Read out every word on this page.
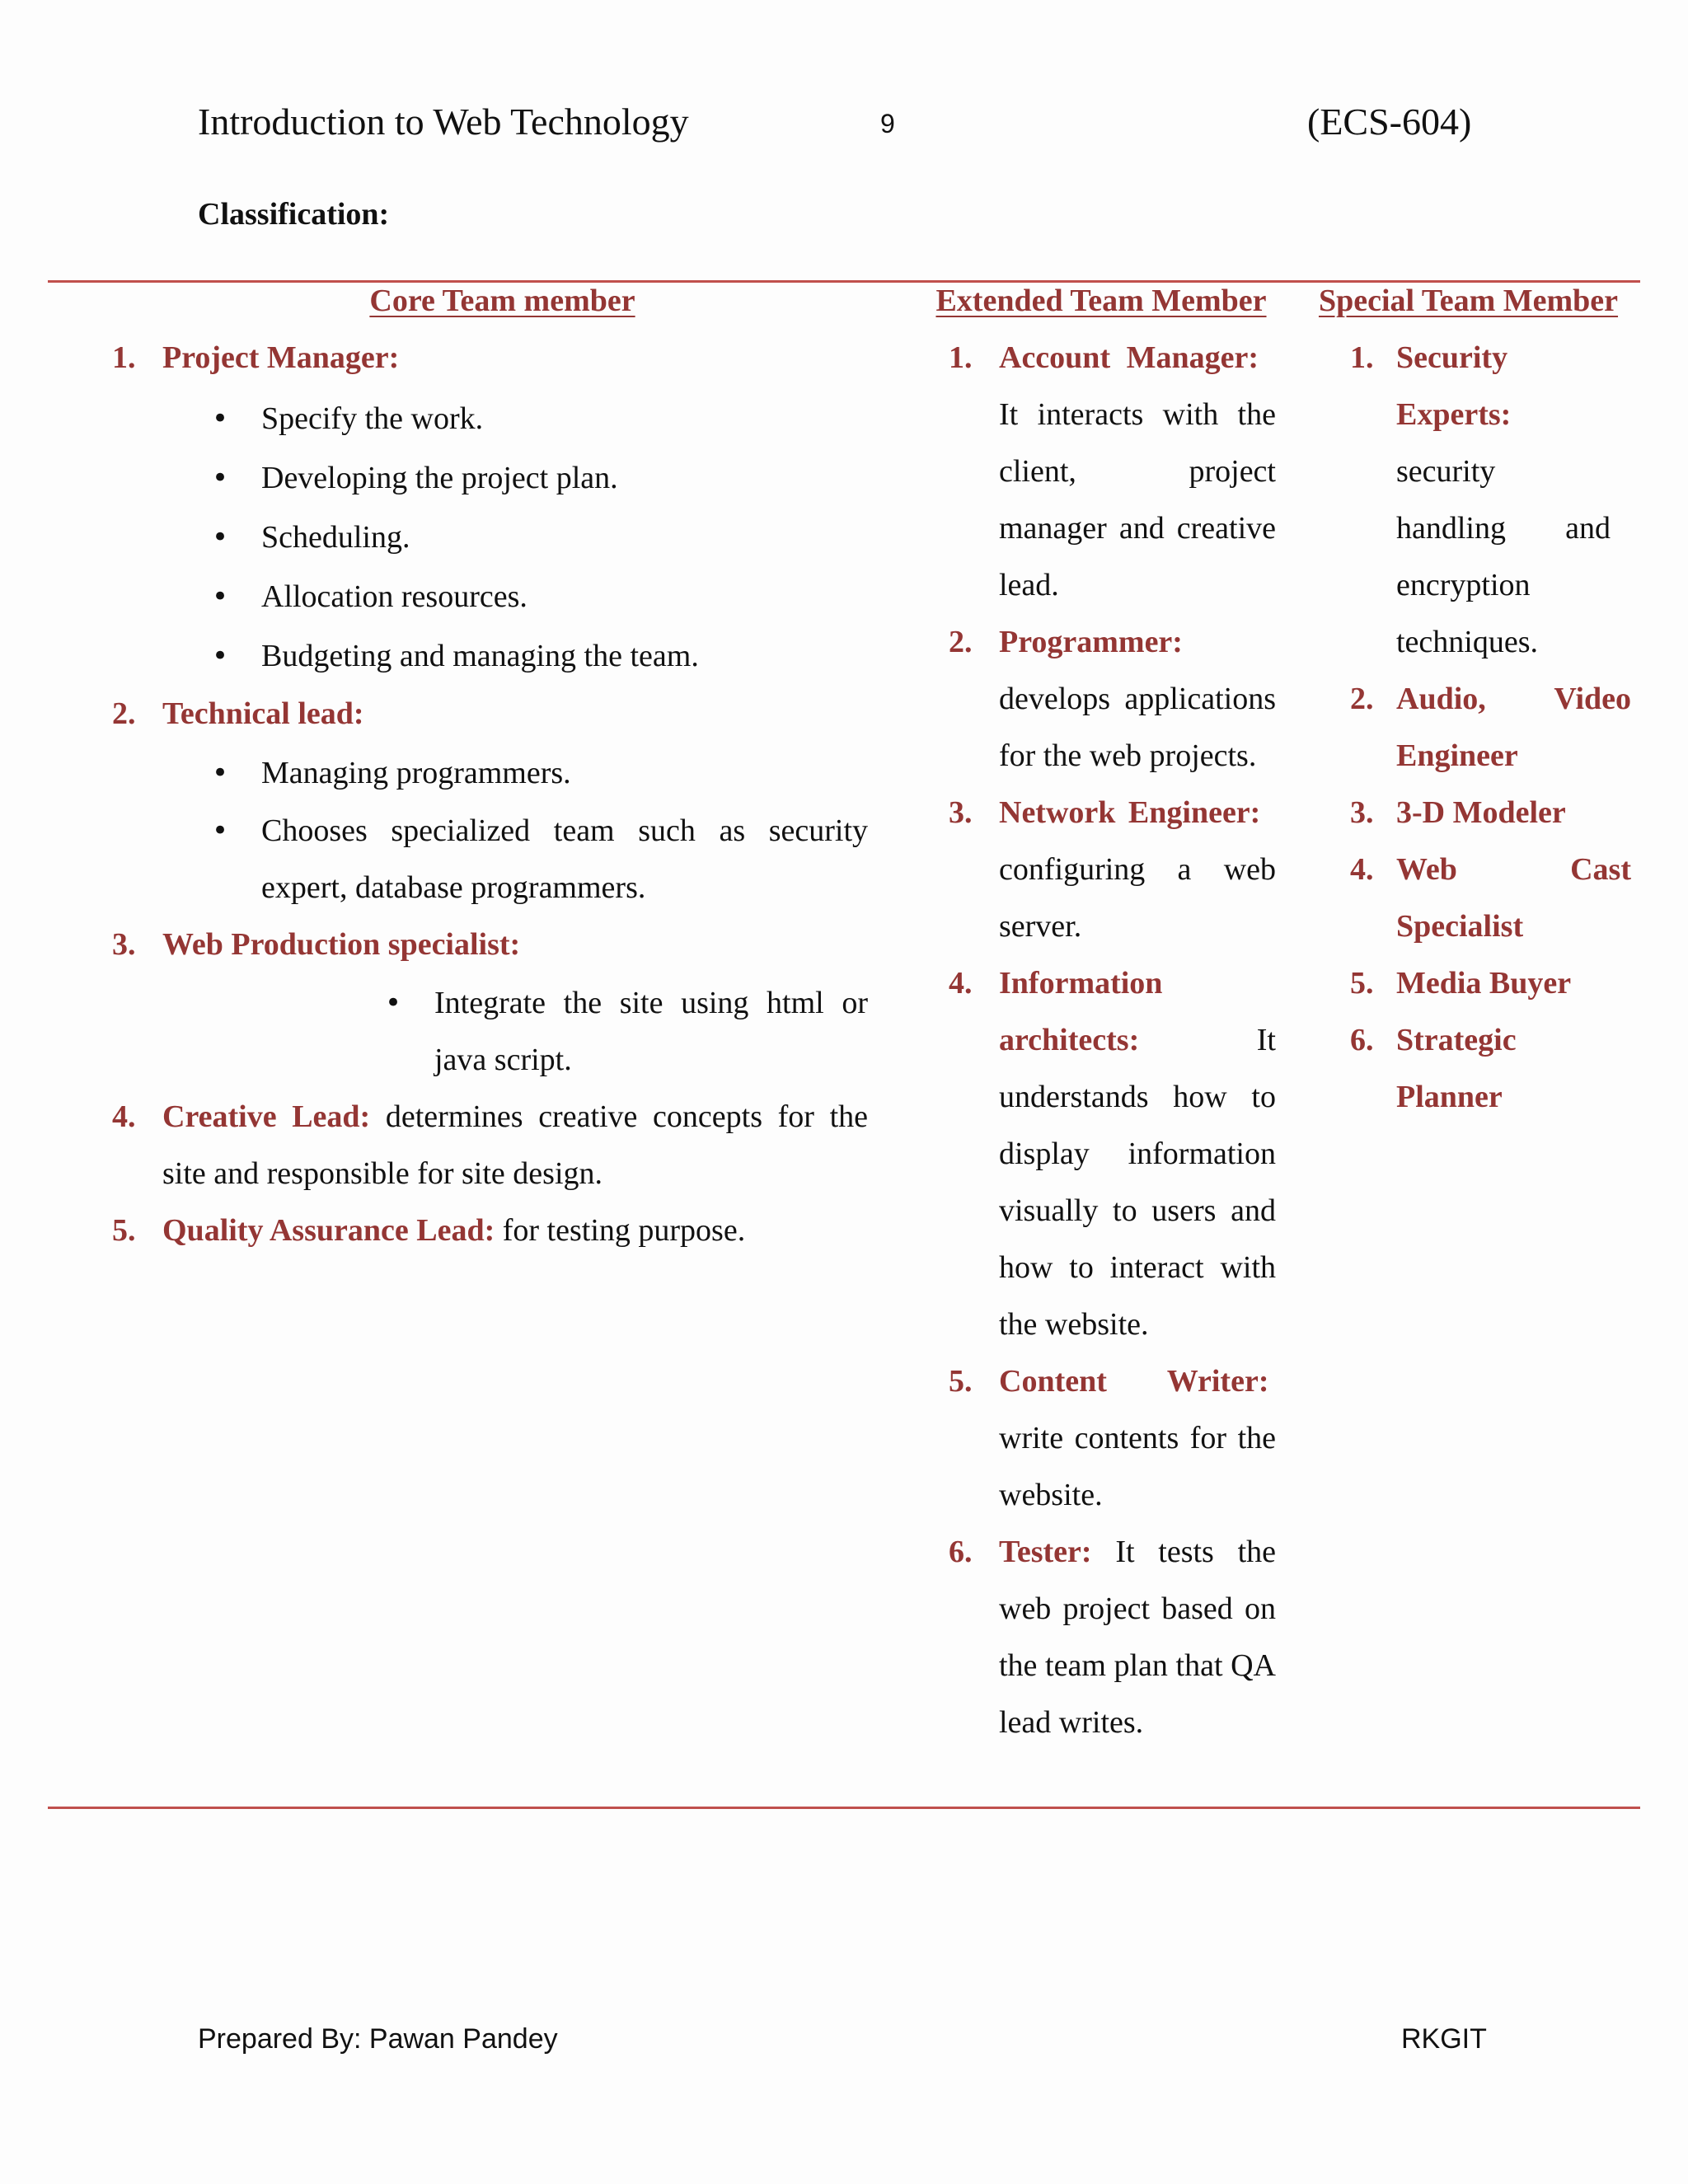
Introduction to Web Technology	9	(ECS-604)
Classification:
Core Team member
1. Project Manager:
• Specify the work.
• Developing the project plan.
• Scheduling.
• Allocation resources.
• Budgeting and managing the team.
2. Technical lead:
• Managing programmers.
• Chooses specialized team such as security expert, database programmers.
3. Web Production specialist:
• Integrate the site using html or java script.
4. Creative Lead: determines creative concepts for the site and responsible for site design.
5. Quality Assurance Lead: for testing purpose.
Extended Team Member
1. Account Manager:
It interacts with the client, project manager and creative lead.
2. Programmer:
develops applications for the web projects.
3. Network Engineer:
configuring a web server.
4. Information architects: It understands how to display information visually to users and how to interact with the website.
5. Content Writer:
write contents for the website.
6. Tester: It tests the web project based on the team plan that QA lead writes.
Special Team Member
1. Security Experts:
security handling and encryption techniques.
2. Audio, Video Engineer
3. 3-D Modeler
4. Web Cast Specialist
5. Media Buyer
6. Strategic Planner
Prepared By: Pawan Pandey	RKGIT
